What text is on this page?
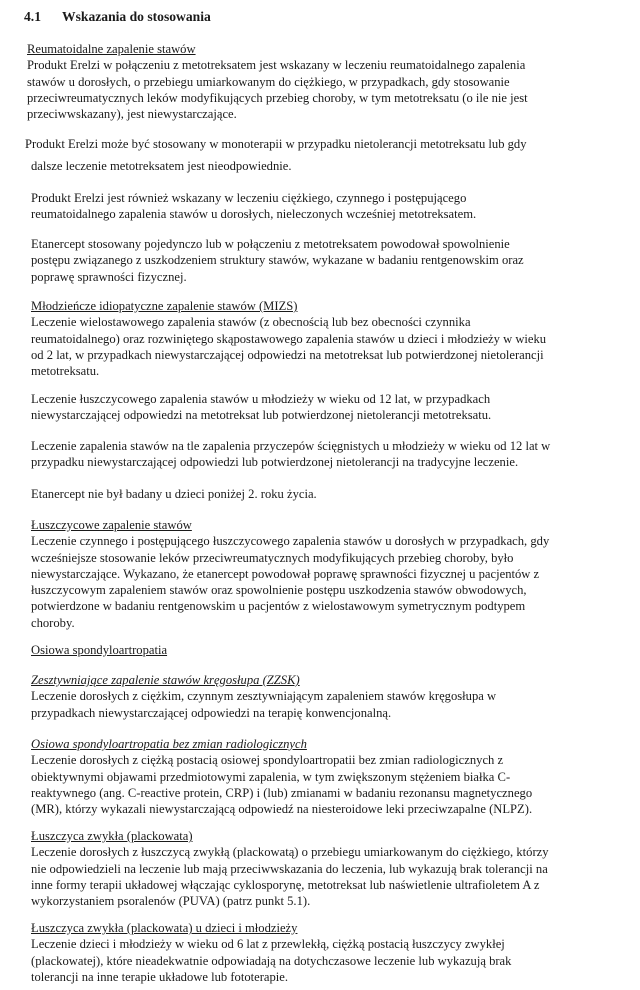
4.1 Wskazania do stosowania
Reumatoidalne zapalenie stawów
Produkt Erelzi w połączeniu z metotreksatem jest wskazany w leczeniu reumatoidalnego zapalenia
stawów u dorosłych, o przebiegu umiarkowanym do ciężkiego, w przypadkach, gdy stosowanie
przeciwreumatycznych leków modyfikujących przebieg choroby, w tym metotreksatu (o ile nie jest
przeciwwskazany), jest niewystarczające.
Produkt Erelzi może być stosowany w monoterapii w przypadku nietolerancji metotreksatu lub gdy
dalsze leczenie metotreksatem jest nieodpowiednie.
Produkt Erelzi jest również wskazany w leczeniu ciężkiego, czynnego i postępującego
reumatoidalnego zapalenia stawów u dorosłych, nieleczonych wcześniej metotreksatem.
Etanercept stosowany pojedynczo lub w połączeniu z metotreksatem powodował spowolnienie
postępu związanego z uszkodzeniem struktury stawów, wykazane w badaniu rentgenowskim oraz
poprawę sprawności fizycznej.
Młodzieńcze idiopatyczne zapalenie stawów (MIZS)
Leczenie wielostawowego zapalenia stawów (z obecnością lub bez obecności czynnika
reumatoidalnego) oraz rozwiniętego skąpostawowego zapalenia stawów u dzieci i młodzieży w wieku
od 2 lat, w przypadkach niewystarczającej odpowiedzi na metotreksat lub potwierdzonej nietolerancji
metotreksatu.
Leczenie łuszczycowego zapalenia stawów u młodzieży w wieku od 12 lat, w przypadkach
niewystarczającej odpowiedzi na metotreksat lub potwierdzonej nietolerancji metotreksatu.
Leczenie zapalenia stawów na tle zapalenia przyczepów ścięgnistych u młodzieży w wieku od 12 lat w
przypadku niewystarczającej odpowiedzi lub potwierdzonej nietolerancji na tradycyjne leczenie.
Etanercept nie był badany u dzieci poniżej 2. roku życia.
Łuszczycowe zapalenie stawów
Leczenie czynnego i postępującego łuszczycowego zapalenia stawów u dorosłych w przypadkach, gdy
wcześniejsze stosowanie leków przeciwreumatycznych modyfikujących przebieg choroby, było
niewystarczające. Wykazano, że etanercept powodował poprawę sprawności fizycznej u pacjentów z
łuszczycowym zapaleniem stawów oraz spowolnienie postępu uszkodzenia stawów obwodowych,
potwierdzone w badaniu rentgenowskim u pacjentów z wielostawowym symetrycznym podtypem
choroby.
Osiowa spondyloartropatia
Zesztywniające zapalenie stawów kręgosłupa (ZZSK)
Leczenie dorosłych z ciężkim, czynnym zesztywniającym zapaleniem stawów kręgosłupa w
przypadkach niewystarczającej odpowiedzi na terapię konwencjonalną.
Osiowa spondyloartropatia bez zmian radiologicznych
Leczenie dorosłych z ciężką postacią osiowej spondyloartropatii bez zmian radiologicznych z
obiektywnymi objawami przedmiotowymi zapalenia, w tym zwiększonym stężeniem białka C-
reaktywnego (ang. C-reactive protein, CRP) i (lub) zmianami w badaniu rezonansu magnetycznego
(MR), którzy wykazali niewystarczającą odpowiedź na niesteroidowe leki przeciwzapalne (NLPZ).
Łuszczyca zwykła (plackowata)
Leczenie dorosłych z łuszczycą zwykłą (plackowatą) o przebiegu umiarkowanym do ciężkiego, którzy
nie odpowiedzieli na leczenie lub mają przeciwwskazania do leczenia, lub wykazują brak tolerancji na
inne formy terapii układowej włączając cyklosporynę, metotreksat lub naświetlenie ultrafioletem A z
wykorzystaniem psoralenów (PUVA) (patrz punkt 5.1).
Łuszczyca zwykła (plackowata) u dzieci i młodzieży
Leczenie dzieci i młodzieży w wieku od 6 lat z przewlekłą, ciężką postacią łuszczycy zwykłej
(plackowatej), które nieadekwatnie odpowiadają na dotychczasowe leczenie lub wykazują brak
tolerancji na inne terapie układowe lub fototerapie.
